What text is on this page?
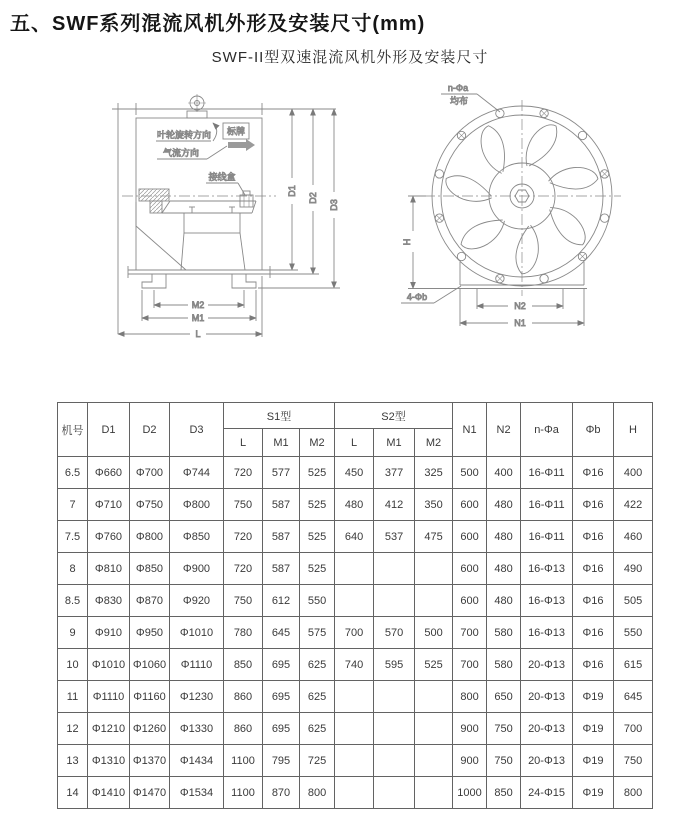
五、SWF系列混流风机外形及安装尺寸(mm)
SWF-II型双速混流风机外形及安装尺寸
叶轮旋转方向 标牌
气流方向
接线盒
M2
M1
L
D1
D2
D3
n-Φa
均布
4-Φb
H
N2
N1
机号	D1	D2	D3	S1型			S2型			N1	N2	n-Φa	Φb	H
				L	M1	M2	L	M1	M2					
6.5	Φ660	Φ700	Φ744	720	577	525	450	377	325	500	400	16-Φ11	Φ16	400
7	Φ710	Φ750	Φ800	750	587	525	480	412	350	600	480	16-Φ11	Φ16	422
7.5	Φ760	Φ800	Φ850	720	587	525	640	537	475	600	480	16-Φ11	Φ16	460
8	Φ810	Φ850	Φ900	720	587	525				600	480	16-Φ13	Φ16	490
8.5	Φ830	Φ870	Φ920	750	612	550				600	480	16-Φ13	Φ16	505
9	Φ910	Φ950	Φ1010	780	645	575	700	570	500	700	580	16-Φ13	Φ16	550
10	Φ1010	Φ1060	Φ1110	850	695	625	740	595	525	700	580	20-Φ13	Φ16	615
11	Φ1110	Φ1160	Φ1230	860	695	625				800	650	20-Φ13	Φ19	645
12	Φ1210	Φ1260	Φ1330	860	695	625				900	750	20-Φ13	Φ19	700
13	Φ1310	Φ1370	Φ1434	1100	795	725				900	750	20-Φ13	Φ19	750
14	Φ1410	Φ1470	Φ1534	1100	870	800				1000	850	24-Φ15	Φ19	800
